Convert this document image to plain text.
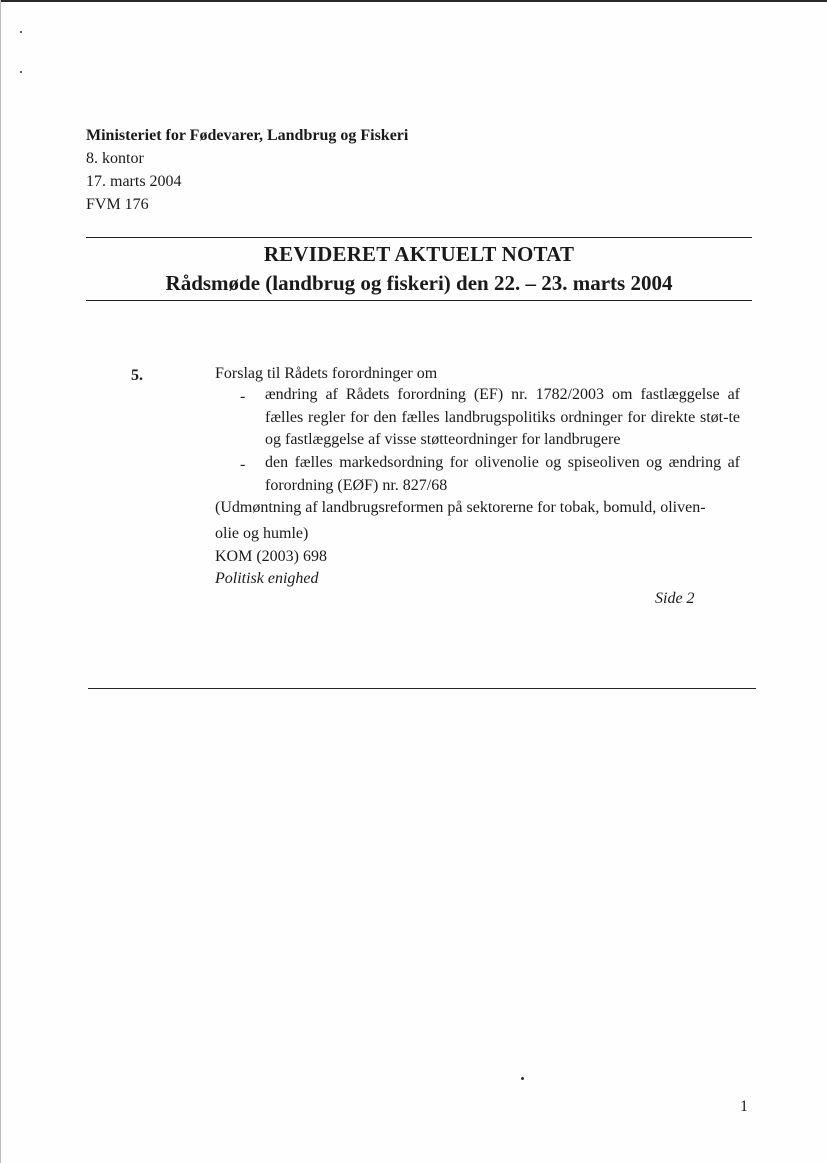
Ministeriet for Fødevarer, Landbrug og Fiskeri
8. kontor
17. marts 2004
FVM 176
REVIDERET AKTUELT NOTAT
Rådsmøde (landbrug og fiskeri) den 22. – 23. marts 2004
5.	Forslag til Rådets forordninger om
- ændring af Rådets forordning (EF) nr. 1782/2003 om fastlæggelse af fælles regler for den fælles landbrugspolitiks ordninger for direkte støt-te og fastlæggelse af visse støtteordninger for landbrugere
- den fælles markedsordning for olivenolie og spiseoliven og ændring af forordning (EØF) nr. 827/68
(Udmøntning af landbrugsreformen på sektorerne for tobak, bomuld, oliven-
olie og humle)
KOM (2003) 698
Politisk enighed
Side 2
1
